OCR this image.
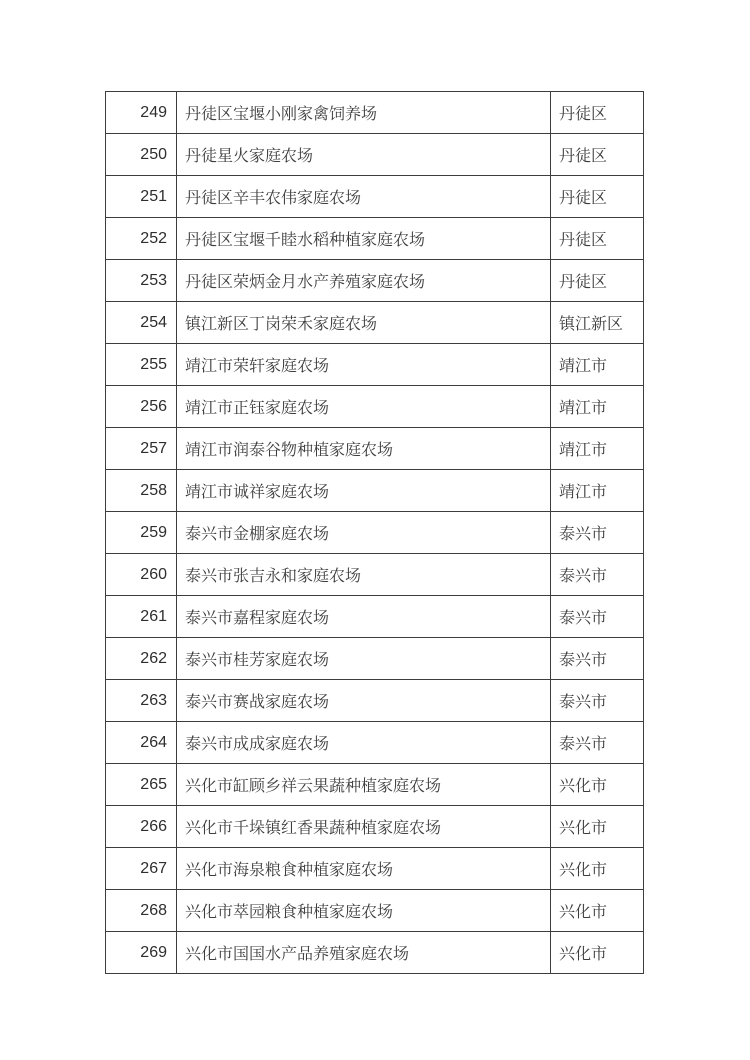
249	丹徒区宝堰小刚家禽饲养场	丹徒区
250	丹徒星火家庭农场	丹徒区
251	丹徒区辛丰农伟家庭农场	丹徒区
252	丹徒区宝堰千睦水稻种植家庭农场	丹徒区
253	丹徒区荣炳金月水产养殖家庭农场	丹徒区
254	镇江新区丁岗荣禾家庭农场	镇江新区
255	靖江市荣轩家庭农场	靖江市
256	靖江市正钰家庭农场	靖江市
257	靖江市润泰谷物种植家庭农场	靖江市
258	靖江市诚祥家庭农场	靖江市
259	泰兴市金棚家庭农场	泰兴市
260	泰兴市张吉永和家庭农场	泰兴市
261	泰兴市嘉程家庭农场	泰兴市
262	泰兴市桂芳家庭农场	泰兴市
263	泰兴市赛战家庭农场	泰兴市
264	泰兴市成成家庭农场	泰兴市
265	兴化市缸顾乡祥云果蔬种植家庭农场	兴化市
266	兴化市千垛镇红香果蔬种植家庭农场	兴化市
267	兴化市海泉粮食种植家庭农场	兴化市
268	兴化市萃园粮食种植家庭农场	兴化市
269	兴化市国国水产品养殖家庭农场	兴化市
